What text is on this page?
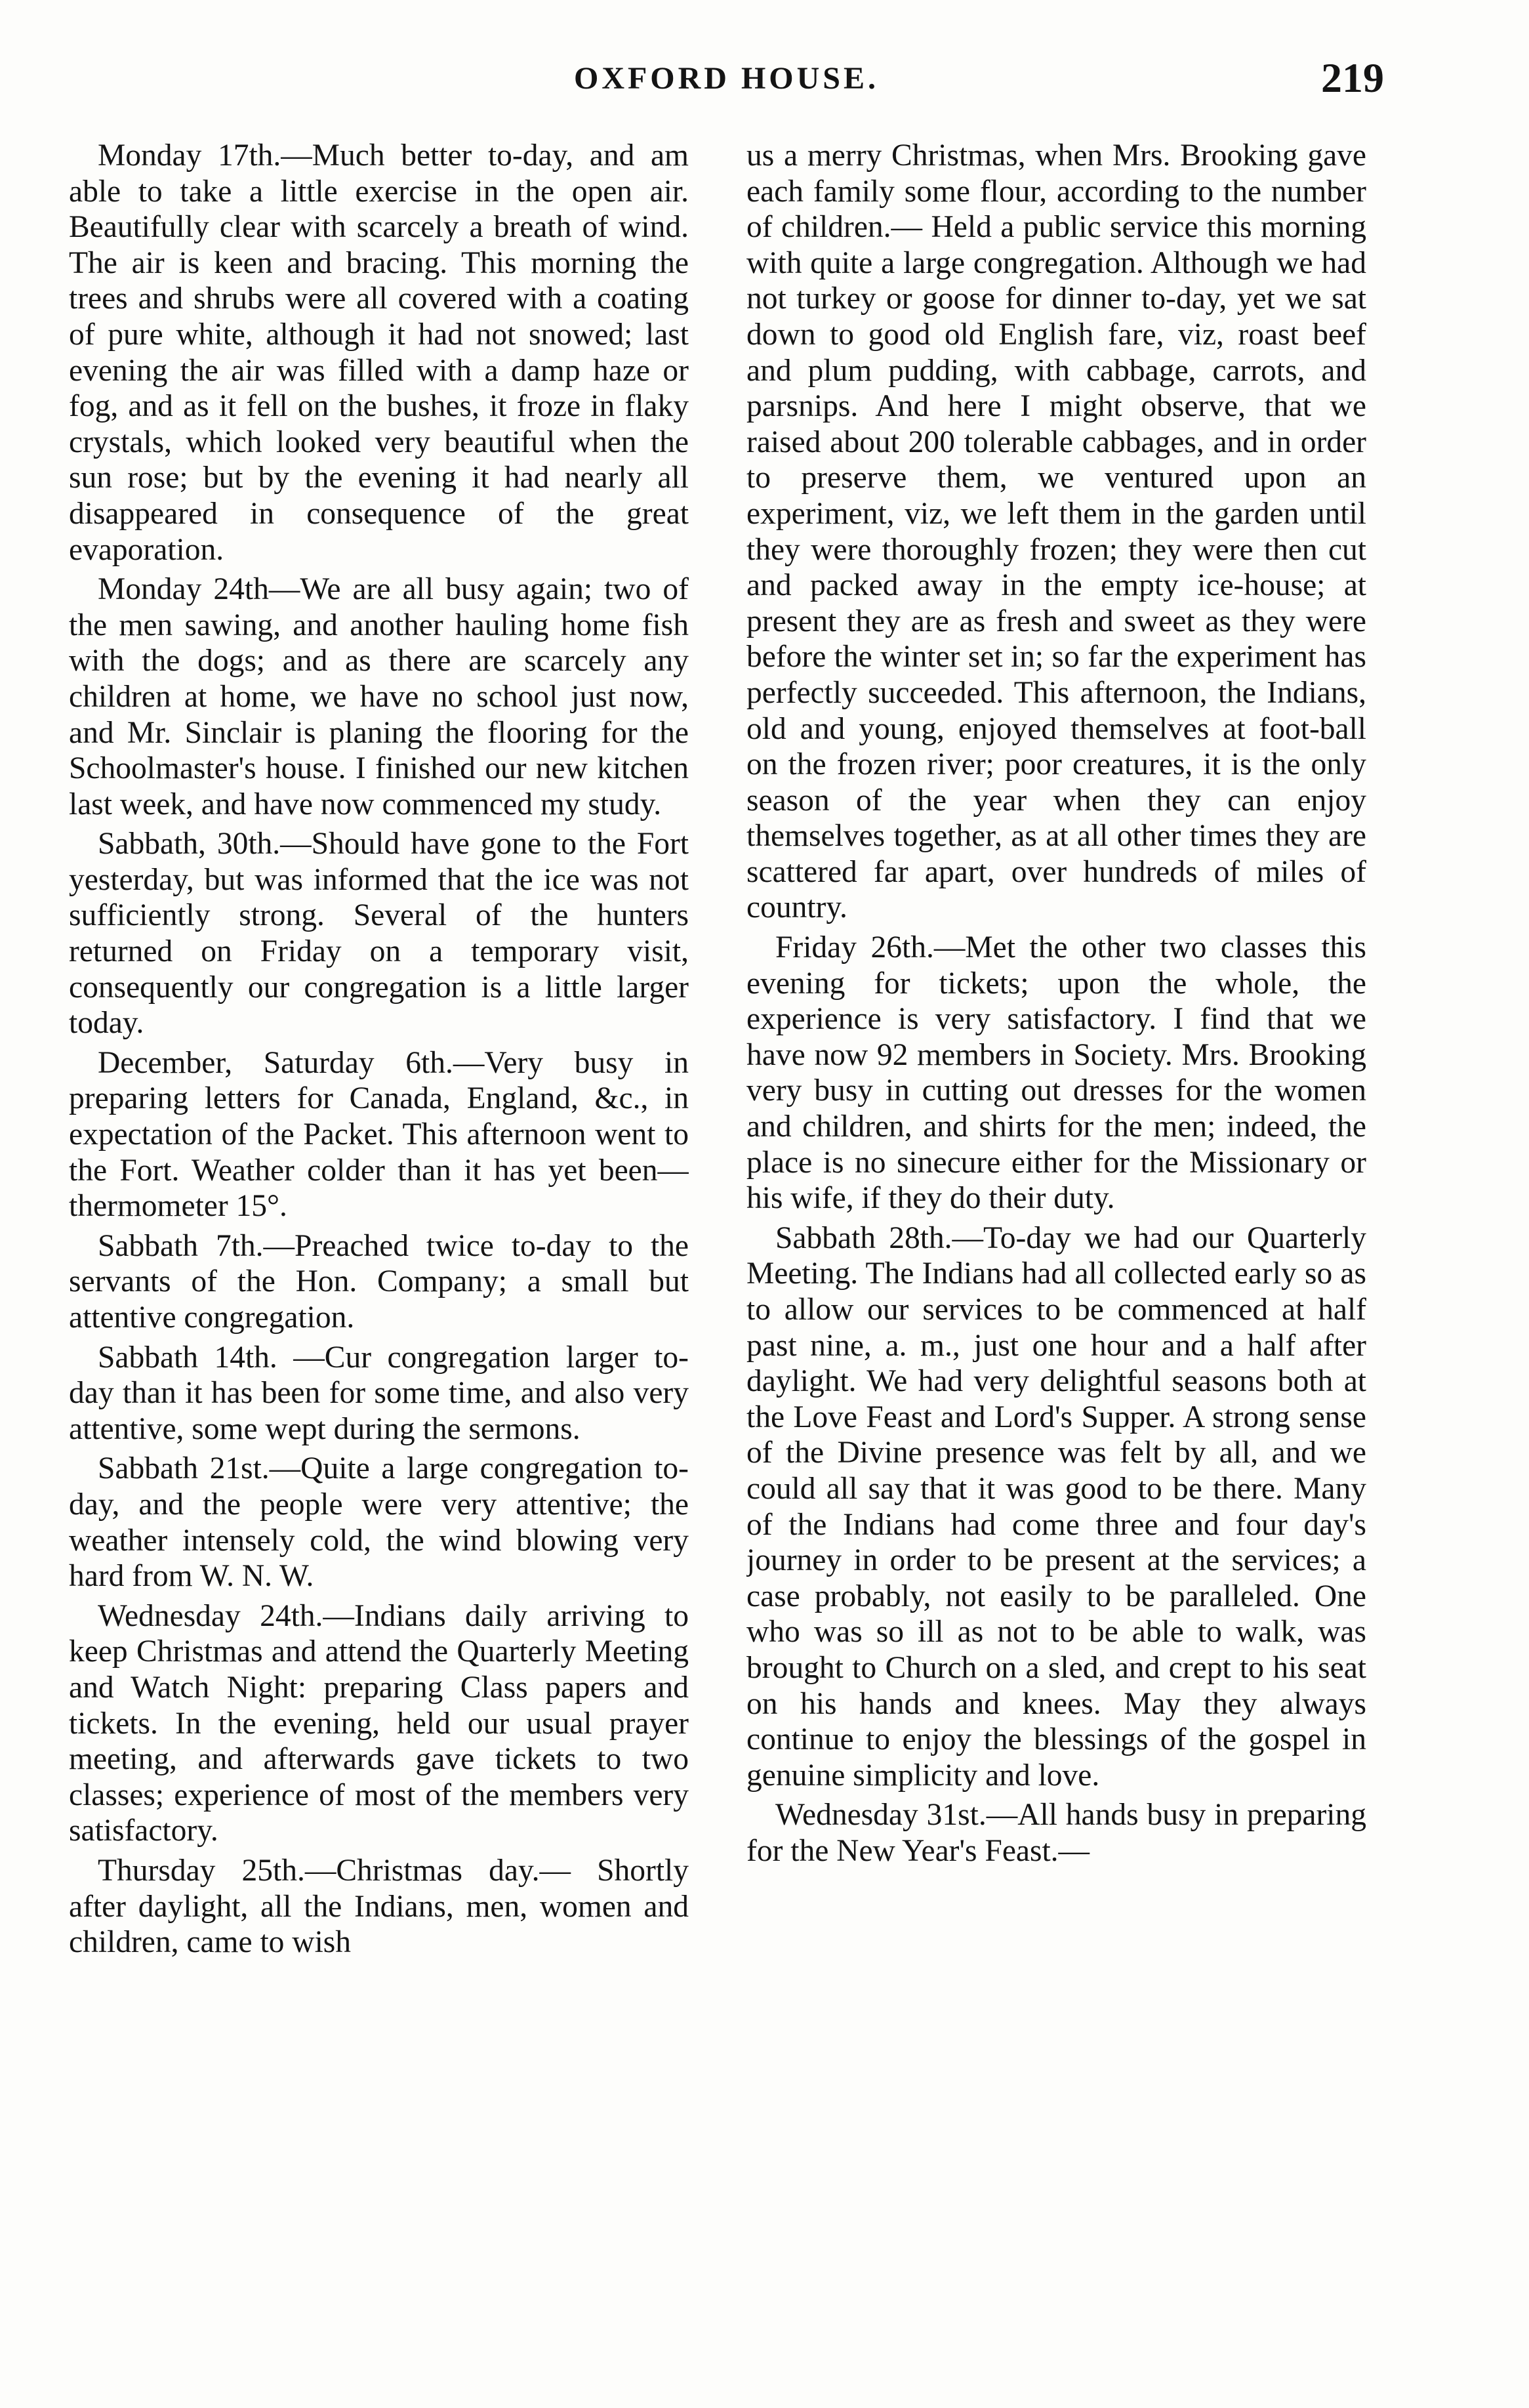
OXFORD HOUSE.	219

Monday 17th.—Much better to-day, and am able to take a little exercise in the open air. Beautifully clear with scarcely a breath of wind. The air is keen and bracing. This morning the trees and shrubs were all covered with a coating of pure white, although it had not snowed; last evening the air was filled with a damp haze or fog, and as it fell on the bushes, it froze in flaky crystals, which looked very beautiful when the sun rose; but by the evening it had nearly all disappeared in consequence of the great evaporation.

Monday 24th—We are all busy again; two of the men sawing, and another hauling home fish with the dogs; and as there are scarcely any children at home, we have no school just now, and Mr. Sinclair is planing the flooring for the Schoolmaster's house. I finished our new kitchen last week, and have now commenced my study.

Sabbath, 30th.—Should have gone to the Fort yesterday, but was informed that the ice was not sufficiently strong. Several of the hunters returned on Friday on a temporary visit, consequently our congregation is a little larger today.

December, Saturday 6th.—Very busy in preparing letters for Canada, England, &c., in expectation of the Packet. This afternoon went to the Fort. Weather colder than it has yet been—thermometer 15°.

Sabbath 7th.—Preached twice to-day to the servants of the Hon. Company; a small but attentive congregation.

Sabbath 14th. —Cur congregation larger to-day than it has been for some time, and also very attentive, some wept during the sermons.

Sabbath 21st.—Quite a large congregation to-day, and the people were very attentive; the weather intensely cold, the wind blowing very hard from W. N. W.

Wednesday 24th.—Indians daily arriving to keep Christmas and attend the Quarterly Meeting and Watch Night: preparing Class papers and tickets. In the evening, held our usual prayer meeting, and afterwards gave tickets to two classes; experience of most of the members very satisfactory.

Thursday 25th.—Christmas day.— Shortly after daylight, all the Indians, men, women and children, came to wish

us a merry Christmas, when Mrs. Brooking gave each family some flour, according to the number of children.— Held a public service this morning with quite a large congregation. Although we had not turkey or goose for dinner to-day, yet we sat down to good old English fare, viz, roast beef and plum pudding, with cabbage, carrots, and parsnips. And here I might observe, that we raised about 200 tolerable cabbages, and in order to preserve them, we ventured upon an experiment, viz, we left them in the garden until they were thoroughly frozen; they were then cut and packed away in the empty ice-house; at present they are as fresh and sweet as they were before the winter set in; so far the experiment has perfectly succeeded. This afternoon, the Indians, old and young, enjoyed themselves at foot-ball on the frozen river; poor creatures, it is the only season of the year when they can enjoy themselves together, as at all other times they are scattered far apart, over hundreds of miles of country.

Friday 26th.—Met the other two classes this evening for tickets; upon the whole, the experience is very satisfactory. I find that we have now 92 members in Society. Mrs. Brooking very busy in cutting out dresses for the women and children, and shirts for the men; indeed, the place is no sinecure either for the Missionary or his wife, if they do their duty.

Sabbath 28th.—To-day we had our Quarterly Meeting. The Indians had all collected early so as to allow our services to be commenced at half past nine, a. m., just one hour and a half after daylight. We had very delightful seasons both at the Love Feast and Lord's Supper. A strong sense of the Divine presence was felt by all, and we could all say that it was good to be there. Many of the Indians had come three and four day's journey in order to be present at the services; a case probably, not easily to be paralleled. One who was so ill as not to be able to walk, was brought to Church on a sled, and crept to his seat on his hands and knees. May they always continue to enjoy the blessings of the gospel in genuine simplicity and love.

Wednesday 31st.—All hands busy in preparing for the New Year's Feast.—
